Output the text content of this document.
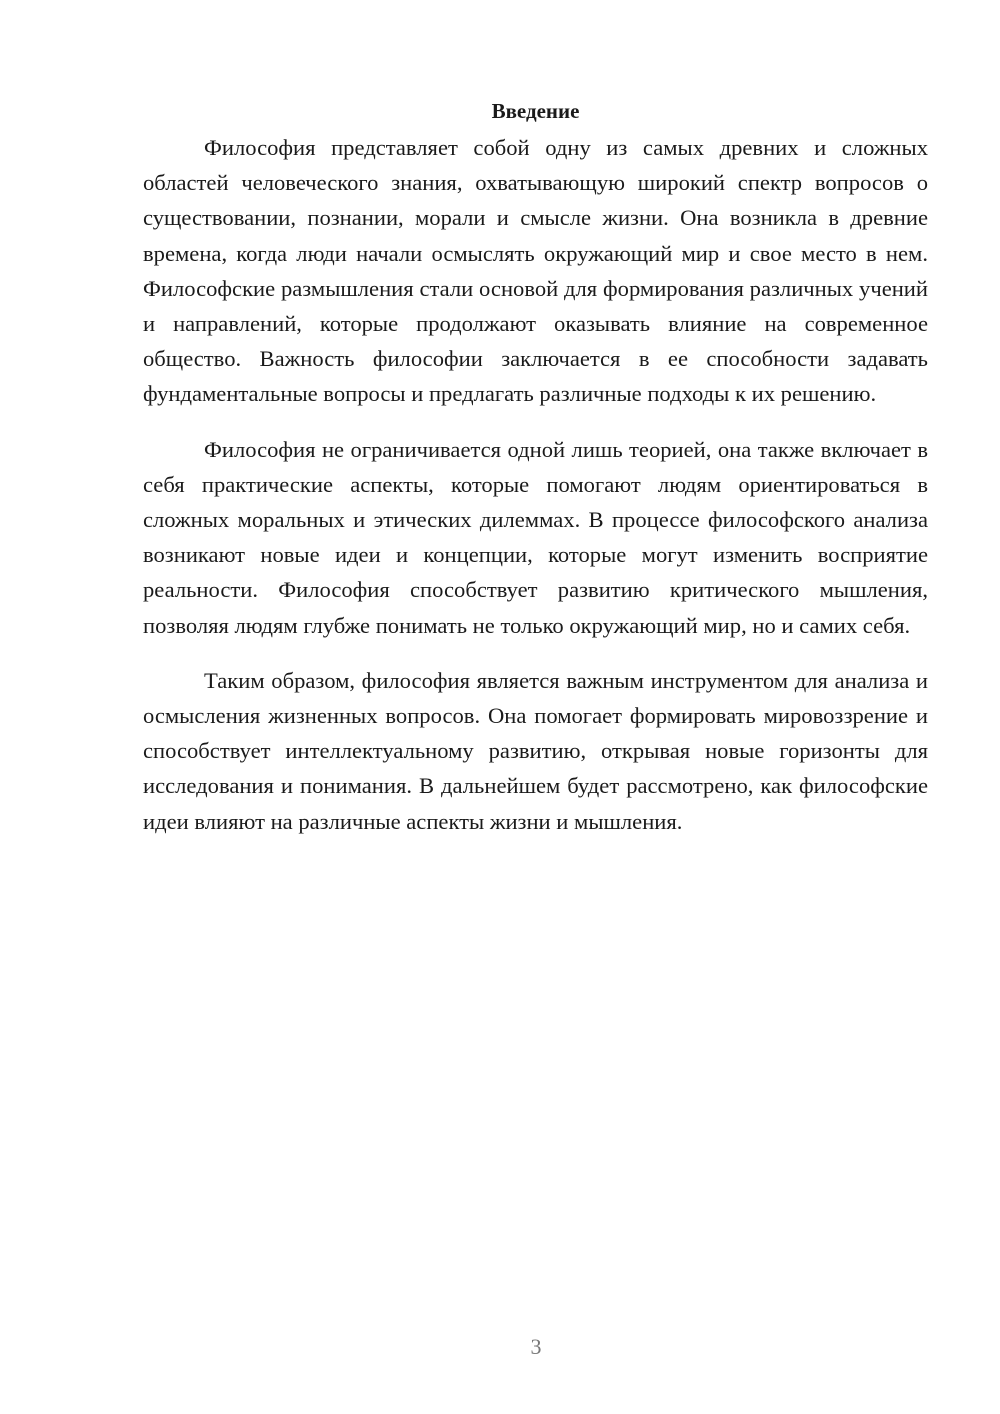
Введение

Философия представляет собой одну из самых древних и сложных областей человеческого знания, охватывающую широкий спектр вопросов о существовании, познании, морали и смысле жизни. Она возникла в древние времена, когда люди начали осмыслять окружающий мир и свое место в нем. Философские размышления стали основой для формирования различных учений и направлений, которые продолжают оказывать влияние на современное общество. Важность философии заключается в ее способности задавать фундаментальные вопросы и предлагать различные подходы к их решению.

Философия не ограничивается одной лишь теорией, она также включает в себя практические аспекты, которые помогают людям ориентироваться в сложных моральных и этических дилеммах. В процессе философского анализа возникают новые идеи и концепции, которые могут изменить восприятие реальности. Философия способствует развитию критического мышления, позволяя людям глубже понимать не только окружающий мир, но и самих себя.

Таким образом, философия является важным инструментом для анализа и осмысления жизненных вопросов. Она помогает формировать мировоззрение и способствует интеллектуальному развитию, открывая новые горизонты для исследования и понимания. В дальнейшем будет рассмотрено, как философские идеи влияют на различные аспекты жизни и мышления.

3
